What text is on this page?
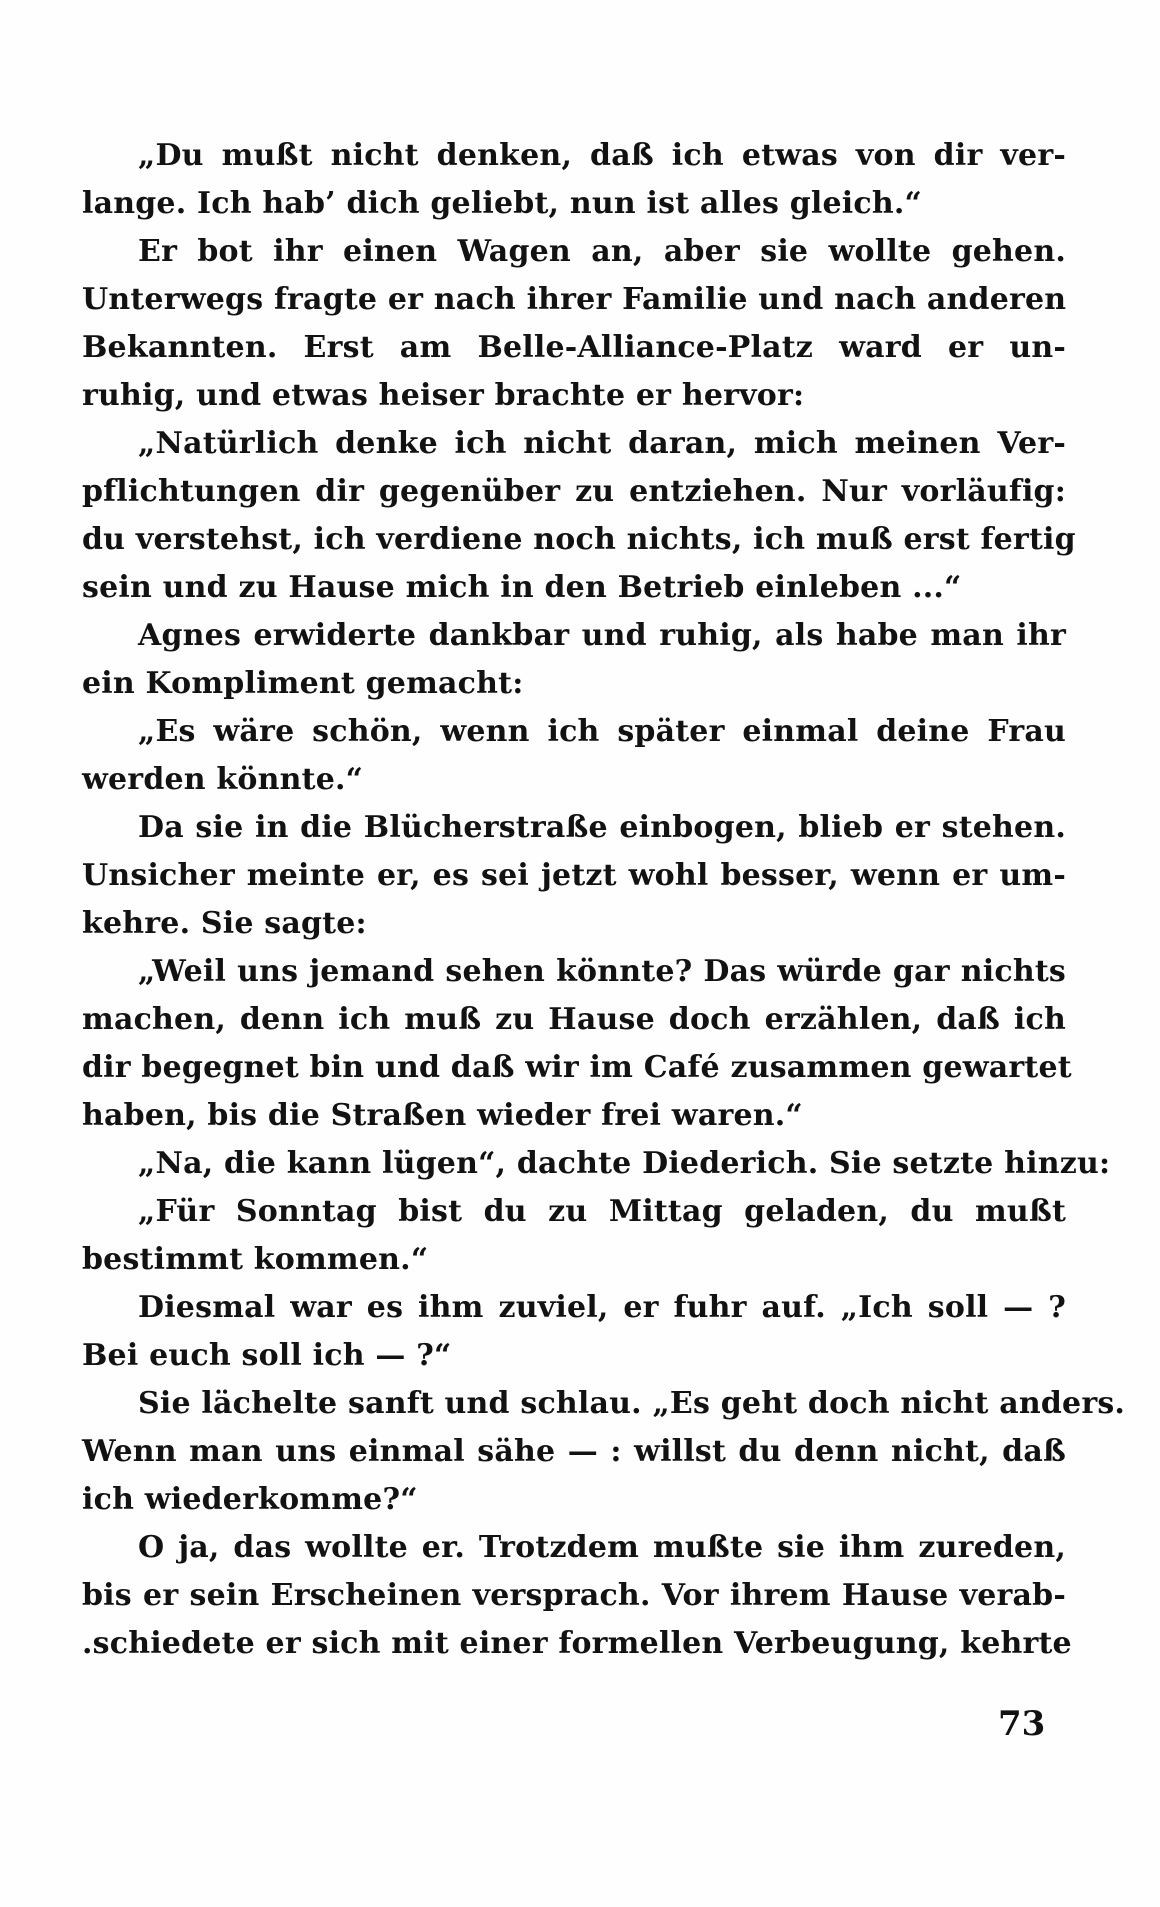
„Du mußt nicht denken, daß ich etwas von dir ver-
lange. Ich hab’ dich geliebt, nun ist alles gleich.“
Er bot ihr einen Wagen an, aber sie wollte gehen.
Unterwegs fragte er nach ihrer Familie und nach anderen
Bekannten. Erst am Belle-Alliance-Platz ward er un-
ruhig, und etwas heiser brachte er hervor:
„Natürlich denke ich nicht daran, mich meinen Ver-
pflichtungen dir gegenüber zu entziehen. Nur vorläufig:
du verstehst, ich verdiene noch nichts, ich muß erst fertig
sein und zu Hause mich in den Betrieb einleben ...“
Agnes erwiderte dankbar und ruhig, als habe man ihr
ein Kompliment gemacht:
„Es wäre schön, wenn ich später einmal deine Frau
werden könnte.“
Da sie in die Blücherstraße einbogen, blieb er stehen.
Unsicher meinte er, es sei jetzt wohl besser, wenn er um-
kehre. Sie sagte:
„Weil uns jemand sehen könnte? Das würde gar nichts
machen, denn ich muß zu Hause doch erzählen, daß ich
dir begegnet bin und daß wir im Café zusammen gewartet
haben, bis die Straßen wieder frei waren.“
„Na, die kann lügen“, dachte Diederich. Sie setzte hinzu:
„Für Sonntag bist du zu Mittag geladen, du mußt
bestimmt kommen.“
Diesmal war es ihm zuviel, er fuhr auf. „Ich soll — ?
Bei euch soll ich — ?“
Sie lächelte sanft und schlau. „Es geht doch nicht anders.
Wenn man uns einmal sähe — : willst du denn nicht, daß
ich wiederkomme?“
O ja, das wollte er. Trotzdem mußte sie ihm zureden,
bis er sein Erscheinen versprach. Vor ihrem Hause verab-
.schiedete er sich mit einer formellen Verbeugung, kehrte
73
